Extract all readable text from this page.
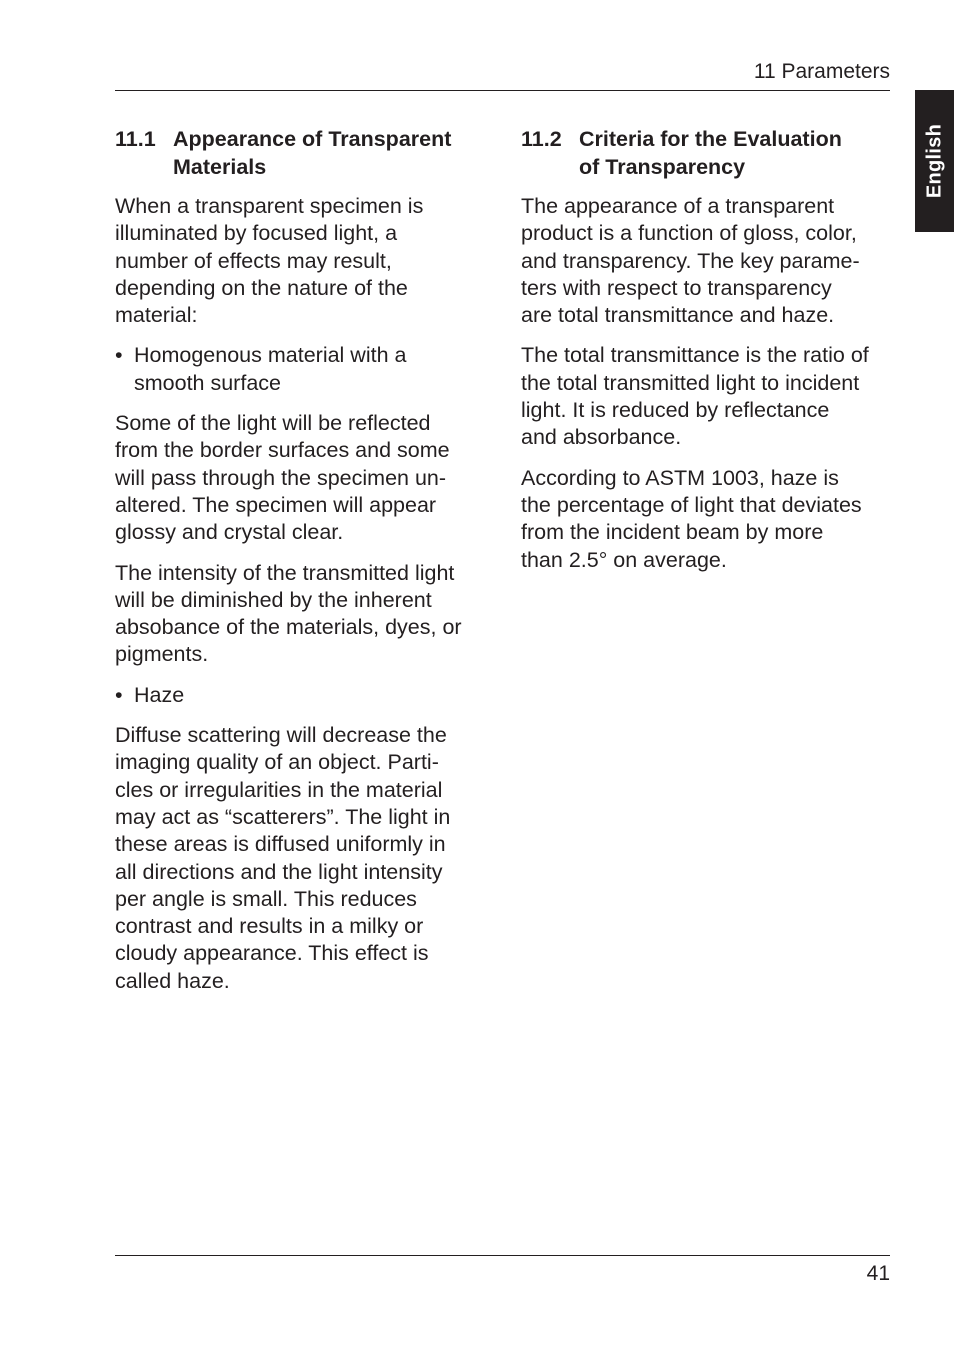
11 Parameters
English
11.1 Appearance of Transparent
Materials

When a transparent specimen is
illuminated by focused light, a
number of effects may result,
depending on the nature of the
material:

• Homogenous material with a
smooth surface

Some of the light will be reflected
from the border surfaces and some
will pass through the specimen un-
altered. The specimen will appear
glossy and crystal clear.

The intensity of the transmitted light
will be diminished by the inherent
absobance of the materials, dyes, or
pigments.

• Haze

Diffuse scattering will decrease the
imaging quality of an object. Parti-
cles or irregularities in the material
may act as “scatterers”. The light in
these areas is diffused uniformly in
all directions and the light intensity
per angle is small. This reduces
contrast and results in a milky or
cloudy appearance. This effect is
called haze.

11.2 Criteria for the Evaluation
of Transparency

The appearance of a transparent
product is a function of gloss, color,
and transparency. The key parame-
ters with respect to transparency
are total transmittance and haze.

The total transmittance is the ratio of
the total transmitted light to incident
light. It is reduced by reflectance
and absorbance.

According to ASTM 1003, haze is
the percentage of light that deviates
from the incident beam by more
than 2.5° on average.

41
